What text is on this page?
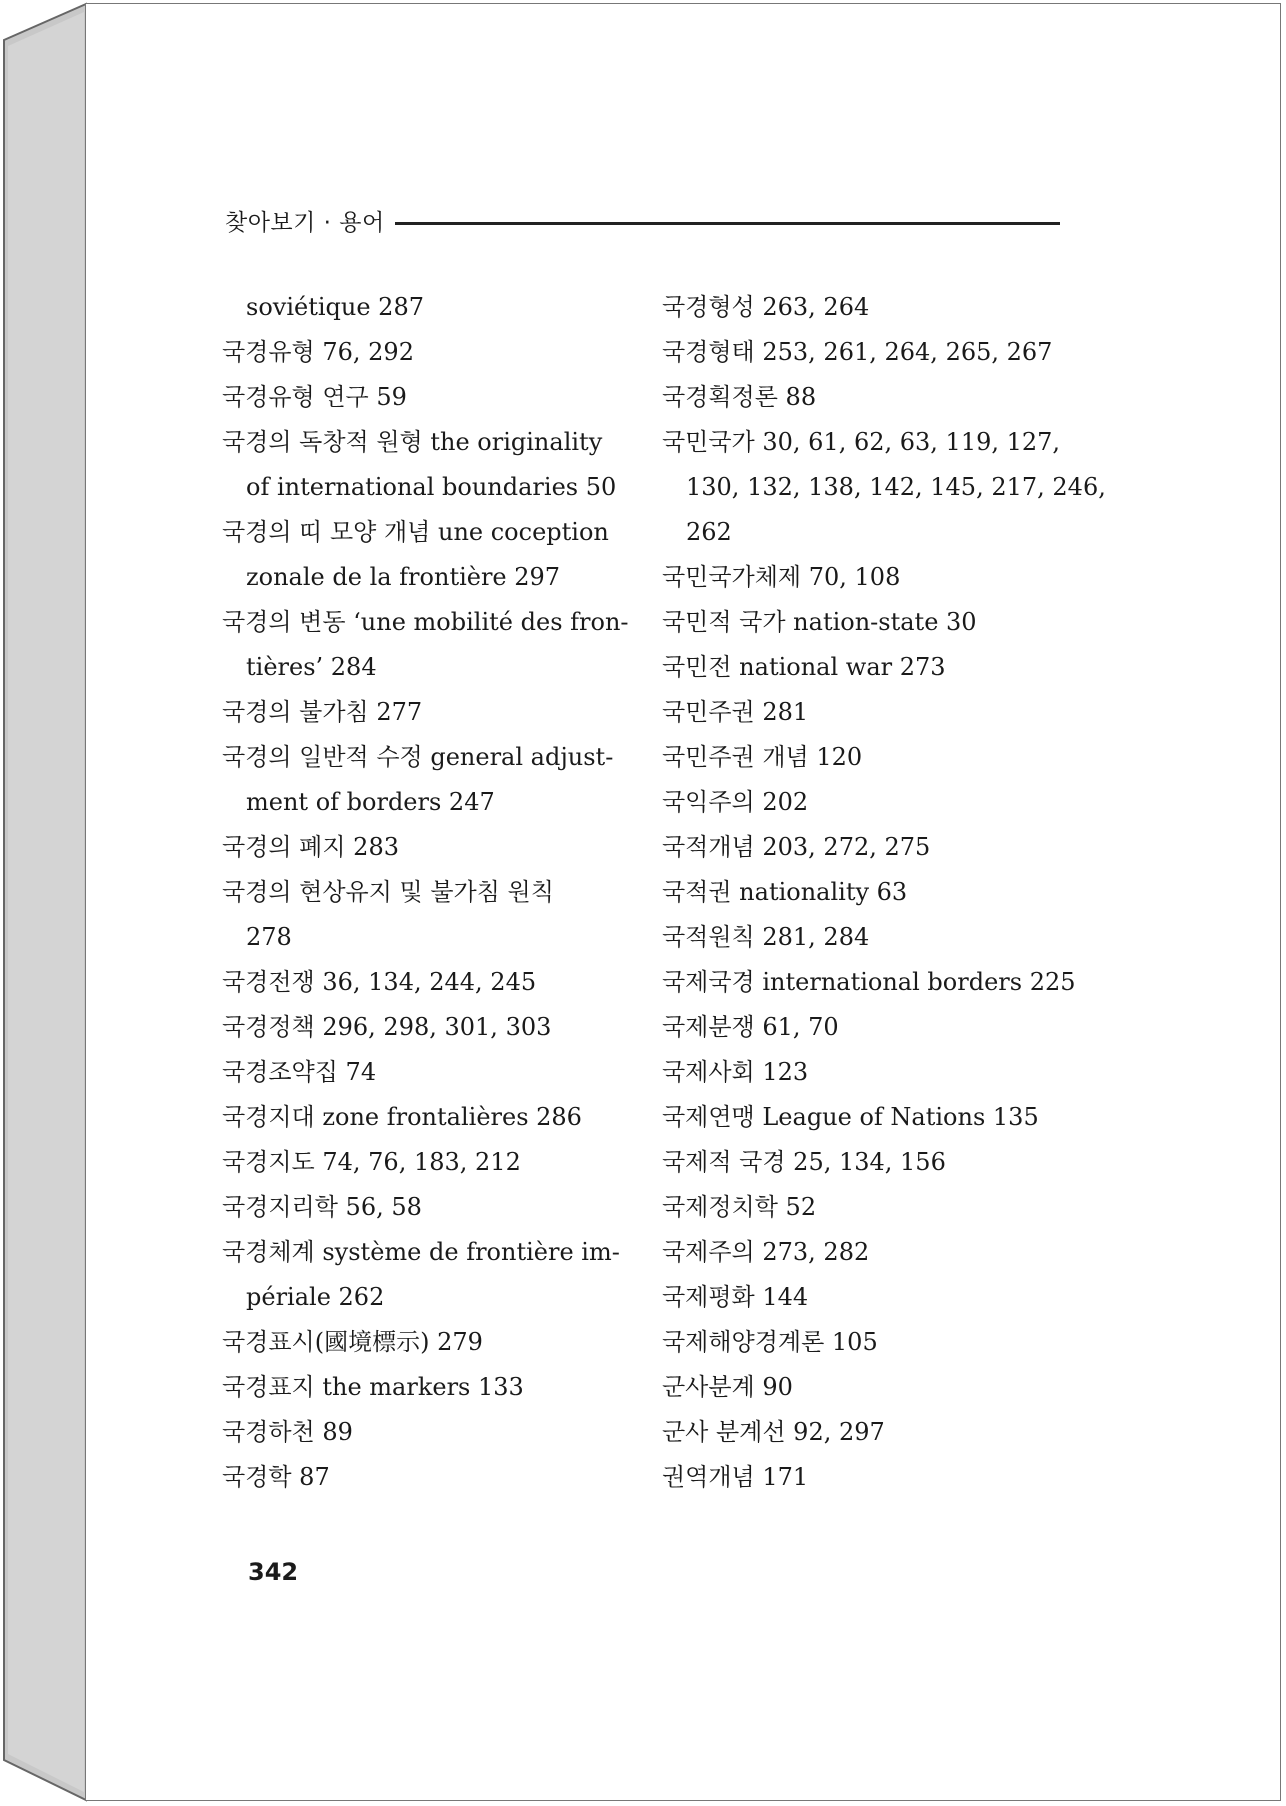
찾아보기 · 용어
soviétique 287
국경유형 76, 292
국경유형 연구 59
국경의 독창적 원형 the originality
of international boundaries 50
국경의 띠 모양 개념 une coception
zonale de la frontière 297
국경의 변동 ‘une mobilité des fron-
tières’ 284
국경의 불가침 277
국경의 일반적 수정 general adjust-
ment of borders 247
국경의 폐지 283
국경의 현상유지 및 불가침 원칙
278
국경전쟁 36, 134, 244, 245
국경정책 296, 298, 301, 303
국경조약집 74
국경지대 zone frontalières 286
국경지도 74, 76, 183, 212
국경지리학 56, 58
국경체계 système de frontière im-
périale 262
국경표시(國境標示) 279
국경표지 the markers 133
국경하천 89
국경학 87
국경형성 263, 264
국경형태 253, 261, 264, 265, 267
국경획정론 88
국민국가 30, 61, 62, 63, 119, 127,
130, 132, 138, 142, 145, 217, 246,
262
국민국가체제 70, 108
국민적 국가 nation-state 30
국민전 national war 273
국민주권 281
국민주권 개념 120
국익주의 202
국적개념 203, 272, 275
국적권 nationality 63
국적원칙 281, 284
국제국경 international borders 225
국제분쟁 61, 70
국제사회 123
국제연맹 League of Nations 135
국제적 국경 25, 134, 156
국제정치학 52
국제주의 273, 282
국제평화 144
국제해양경계론 105
군사분계 90
군사 분계선 92, 297
권역개념 171
342
